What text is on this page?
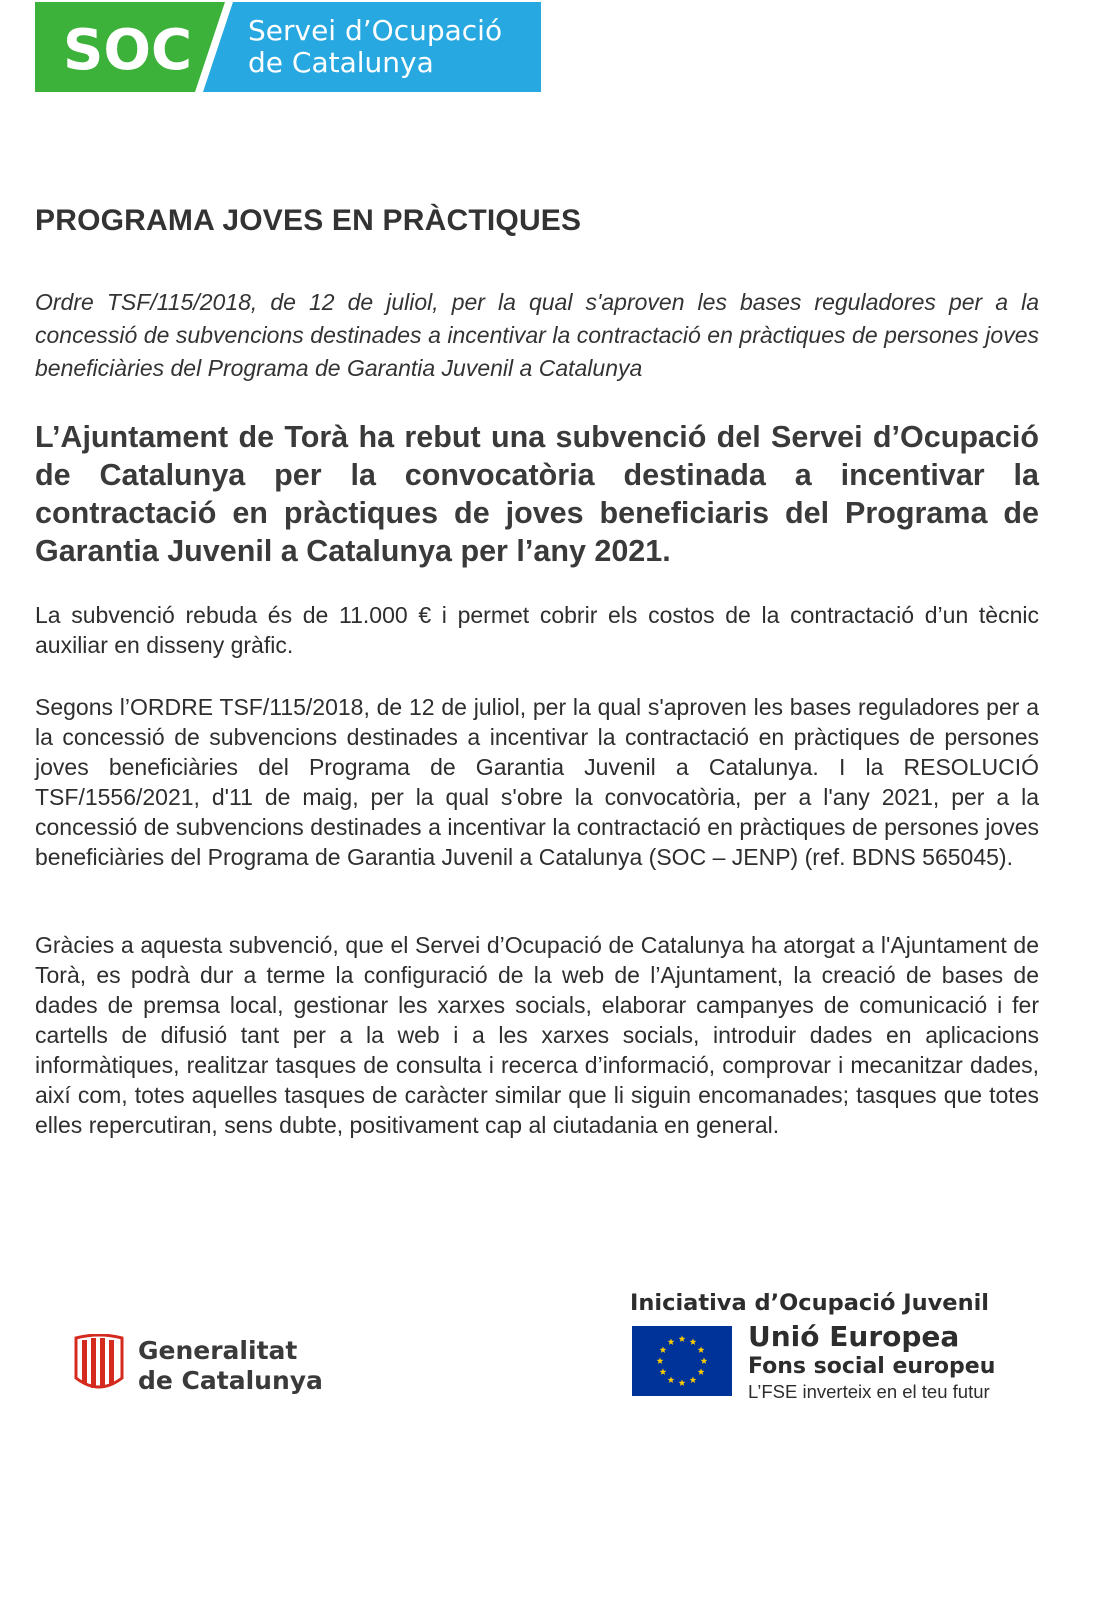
SOC Servei d’Ocupació
de Catalunya
PROGRAMA JOVES EN PRÀCTIQUES

Ordre TSF/115/2018, de 12 de juliol, per la qual s'aproven les bases reguladores per a la concessió de subvencions destinades a incentivar la contractació en pràctiques de persones joves beneficiàries del Programa de Garantia Juvenil a Catalunya

L’Ajuntament de Torà ha rebut una subvenció del Servei d’Ocupació de Catalunya per la convocatòria destinada a incentivar la contractació en pràctiques de joves beneficiaris del Programa de Garantia Juvenil a Catalunya per l’any 2021.

La subvenció rebuda és de 11.000 € i permet cobrir els costos de la contractació d’un tècnic auxiliar en disseny gràfic.

Segons l’ORDRE TSF/115/2018, de 12 de juliol, per la qual s'aproven les bases reguladores per a la concessió de subvencions destinades a incentivar la contractació en pràctiques de persones joves beneficiàries del Programa de Garantia Juvenil a Catalunya. I la RESOLUCIÓ TSF/1556/2021, d'11 de maig, per la qual s'obre la convocatòria, per a l'any 2021, per a la concessió de subvencions destinades a incentivar la contractació en pràctiques de persones joves beneficiàries del Programa de Garantia Juvenil a Catalunya (SOC – JENP) (ref. BDNS 565045).

Gràcies a aquesta subvenció, que el Servei d’Ocupació de Catalunya ha atorgat a l'Ajuntament de Torà, es podrà dur a terme la configuració de la web de l’Ajuntament, la creació de bases de dades de premsa local, gestionar les xarxes socials, elaborar campanyes de comunicació i fer cartells de difusió tant per a la web i a les xarxes socials, introduir dades en aplicacions informàtiques, realitzar tasques de consulta i recerca d’informació, comprovar i mecanitzar dades, així com, totes aquelles tasques de caràcter similar que li siguin encomanades; tasques que totes elles repercutiran, sens dubte, positivament cap al ciutadania en general.

Generalitat
de Catalunya

Iniciativa d’Ocupació Juvenil

Unió Europea

Fons social europeu

L’FSE inverteix en el teu futur
